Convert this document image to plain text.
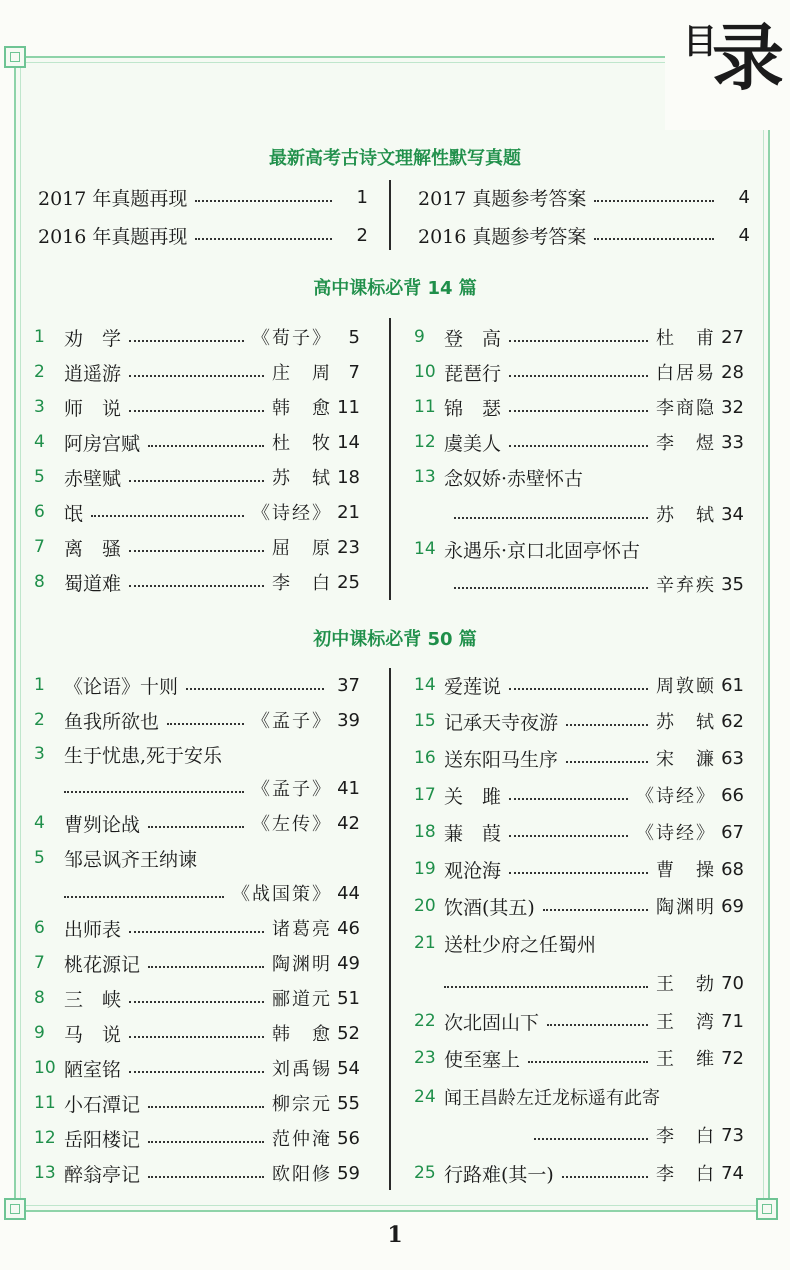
目
录
最新高考古诗文理解性默写真题
2017 年真题再现	1
2016 年真题再现	2
2017 真题参考答案	4
2016 真题参考答案	4
高中课标必背 14 篇
1	劝　学	《荀子》 5
2	逍遥游	庄　周 7
3	师　说	韩　愈 11
4	阿房宫赋	杜　牧 14
5	赤壁赋	苏　轼 18
6	氓	《诗经》 21
7	离　骚	屈　原 23
8	蜀道难	李　白 25
9	登　高	杜　甫 27
10 琵琶行	白居易 28
11 锦　瑟	李商隐 32
12 虞美人	李　煜 33
13 念奴娇·赤壁怀古
苏　轼 34
14 永遇乐·京口北固亭怀古
辛弃疾 35
初中课标必背 50 篇
1	《论语》十则	37
2	鱼我所欲也	《孟子》 39
3	生于忧患,死于安乐
《孟子》 41
4	曹刿论战	《左传》 42
5	邹忌讽齐王纳谏
《战国策》 44
6	出师表	诸葛亮 46
7	桃花源记	陶渊明 49
8	三　峡	郦道元 51
9	马　说	韩　愈 52
10 陋室铭	刘禹锡 54
11 小石潭记	柳宗元 55
12 岳阳楼记	范仲淹 56
13 醉翁亭记	欧阳修 59
14 爱莲说	周敦颐 61
15 记承天寺夜游	苏　轼 62
16 送东阳马生序	宋　濂 63
17 关　雎	《诗经》 66
18 蒹　葭	《诗经》 67
19 观沧海	曹　操 68
20 饮酒(其五)	陶渊明 69
21 送杜少府之任蜀州
王　勃 70
22 次北固山下	王　湾 71
23 使至塞上	王　维 72
24 闻王昌龄左迁龙标遥有此寄
李　白 73
25 行路难(其一)	李　白 74
1
